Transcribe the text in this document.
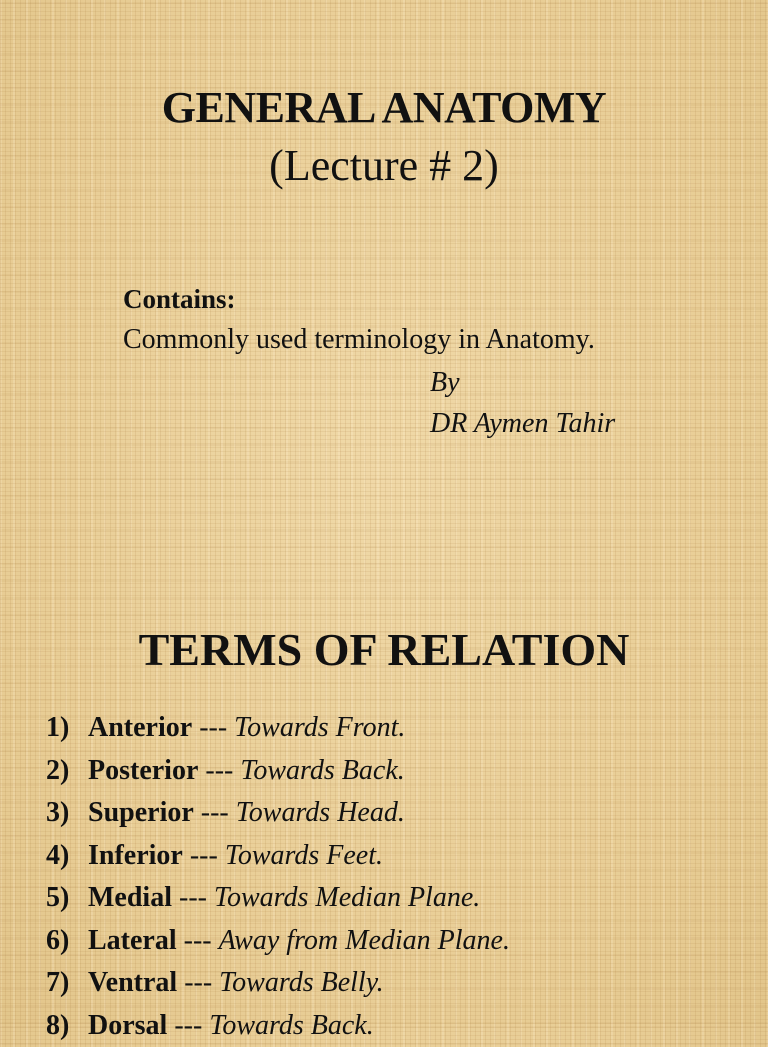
GENERAL ANATOMY
(Lecture # 2)
Contains:
Commonly used terminology in Anatomy.
By
DR Aymen Tahir
TERMS OF RELATION
1) Anterior --- Towards Front.
2) Posterior --- Towards Back.
3) Superior --- Towards Head.
4) Inferior --- Towards Feet.
5) Medial --- Towards Median Plane.
6) Lateral --- Away from Median Plane.
7) Ventral --- Towards Belly.
8) Dorsal --- Towards Back.
